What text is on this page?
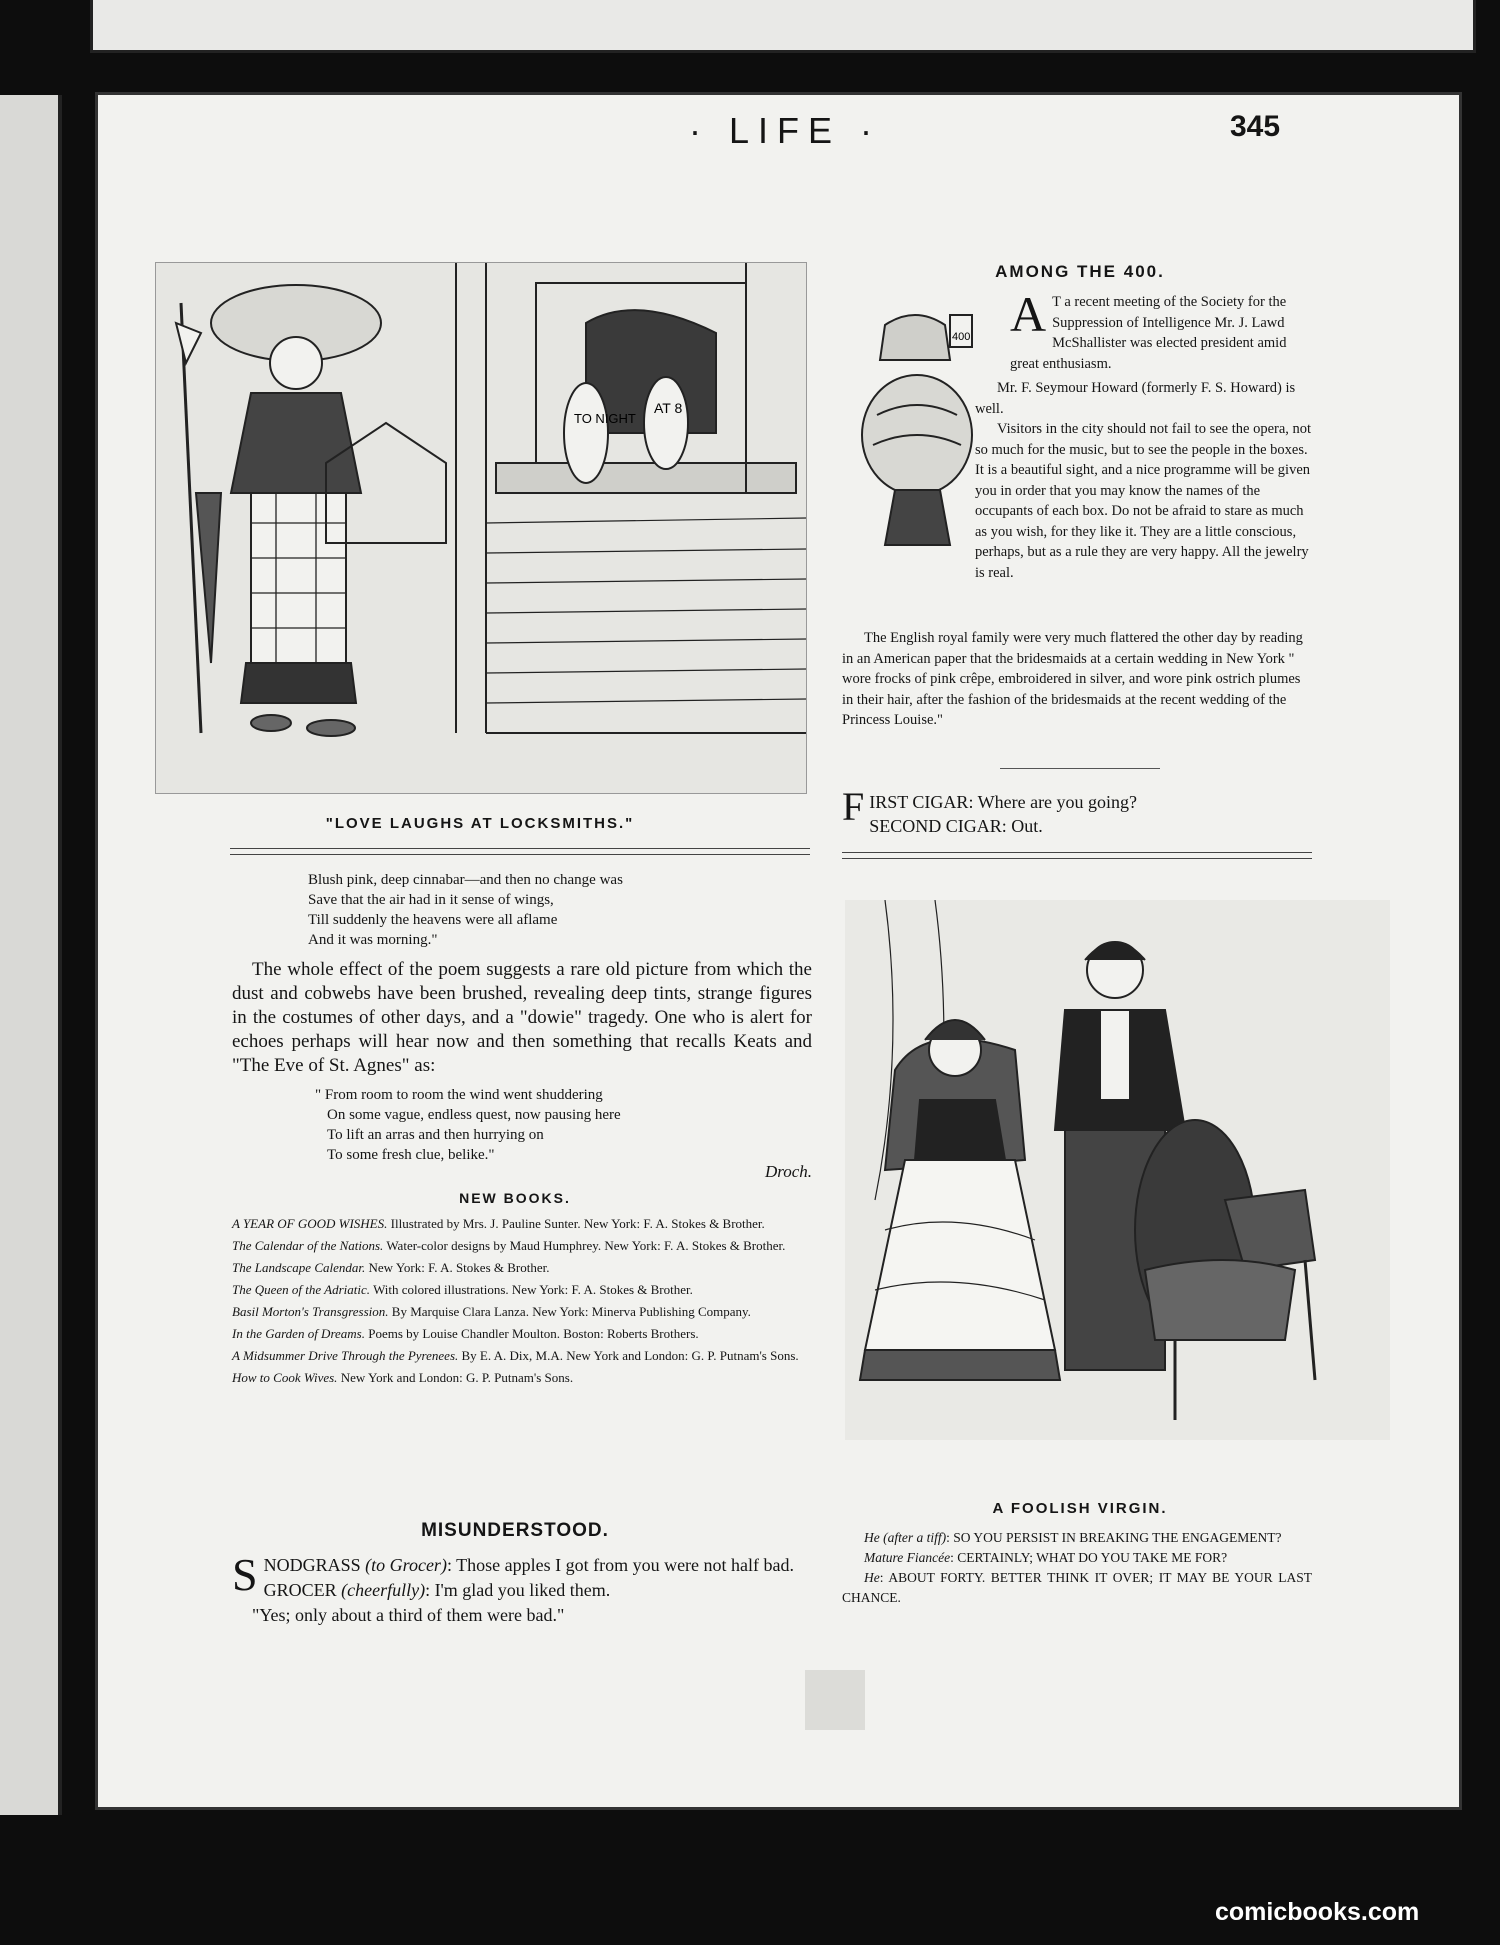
· LIFE ·	345
TO NIGHT
AT 8
"LOVE LAUGHS AT LOCKSMITHS."
AMONG THE 400.
400 A T a recent meeting of the Society for the Suppression of Intelligence Mr. J. Lawd McShallister was elected president amid great enthusiasm.

Mr. F. Seymour Howard (formerly F. S. Howard) is well.

Visitors in the city should not fail to see the opera, not so much for the music, but to see the people in the boxes. It is a beautiful sight, and a nice programme will be given you in order that you may know the names of the occupants of each box. Do not be afraid to stare as much as you wish, for they like it. They are a little conscious, perhaps, but as a rule they are very happy. All the jewelry is real.

The English royal family were very much flattered the other day by reading in an American paper that the bridesmaids at a certain wedding in New York " wore frocks of pink crêpe, embroidered in silver, and wore pink ostrich plumes in their hair, after the fashion of the bridesmaids at the recent wedding of the Princess Louise."

F IRST CIGAR: Where are you going?
SECOND CIGAR: Out.
Blush pink, deep cinnabar—and then no change was
Save that the air had in it sense of wings,
Till suddenly the heavens were all aflame
And it was morning."
The whole effect of the poem suggests a rare old picture from which the dust and cobwebs have been brushed, revealing deep tints, strange figures in the costumes of other days, and a "dowie" tragedy. One who is alert for echoes perhaps will hear now and then something that recalls Keats and "The Eve of St. Agnes" as:
" From room to room the wind went shuddering
On some vague, endless quest, now pausing here
To lift an arras and then hurrying on
To some fresh clue, belike."
Droch.
NEW BOOKS.
A YEAR OF GOOD WISHES. Illustrated by Mrs. J. Pauline Sunter. New York: F. A. Stokes & Brother.
The Calendar of the Nations. Water-color designs by Maud Humphrey. New York: F. A. Stokes & Brother.
The Landscape Calendar. New York: F. A. Stokes & Brother.
The Queen of the Adriatic. With colored illustrations. New York: F. A. Stokes & Brother.
Basil Morton's Transgression. By Marquise Clara Lanza. New York: Minerva Publishing Company.
In the Garden of Dreams. Poems by Louise Chandler Moulton. Boston: Roberts Brothers.
A Midsummer Drive Through the Pyrenees. By E. A. Dix, M.A. New York and London: G. P. Putnam's Sons.
How to Cook Wives. New York and London: G. P. Putnam's Sons.
MISUNDERSTOOD.
S NODGRASS (to Grocer): Those apples I got from you were not half bad.
GROCER (cheerfully): I'm glad you liked them.
"Yes; only about a third of them were bad."
A FOOLISH VIRGIN.
He (after a tiff): SO YOU PERSIST IN BREAKING THE ENGAGEMENT?
Mature Fiancée: CERTAINLY; WHAT DO YOU TAKE ME FOR?
He: ABOUT FORTY. BETTER THINK IT OVER; IT MAY BE YOUR LAST CHANCE.
comicbooks.com
